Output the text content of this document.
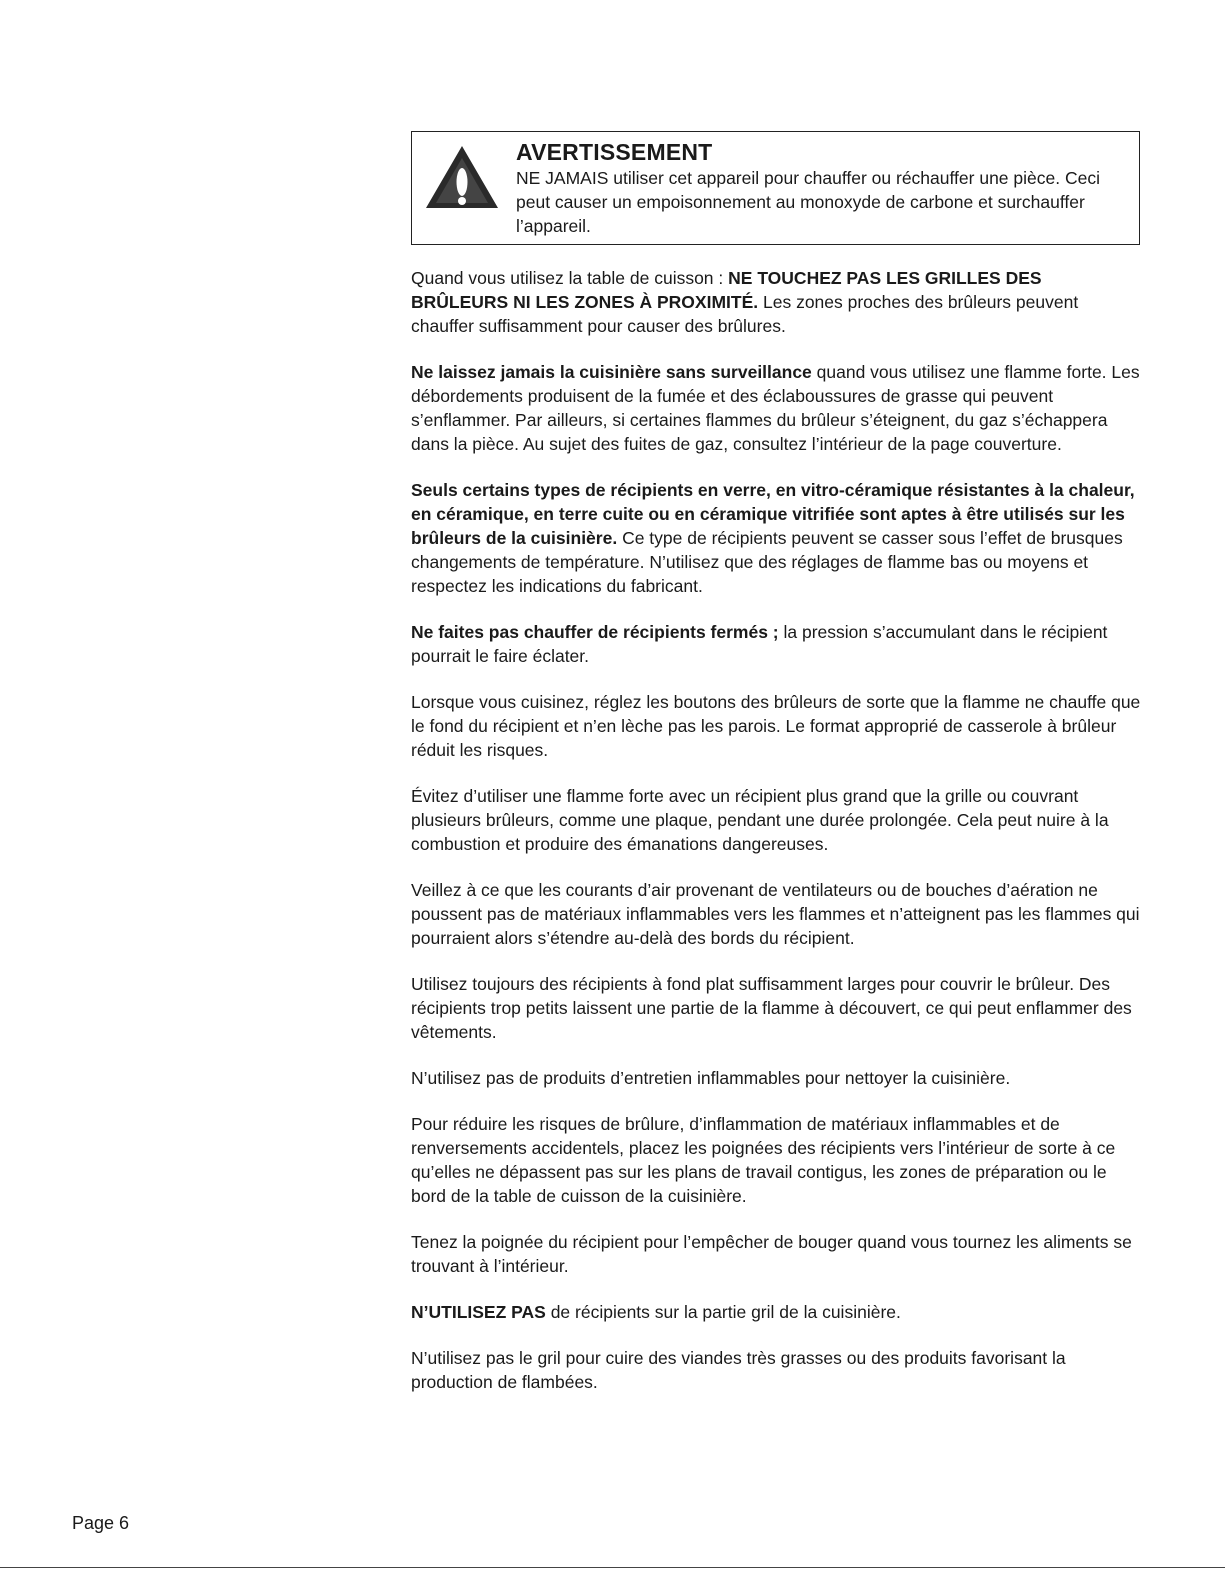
AVERTISSEMENT

NE JAMAIS utiliser cet appareil pour chauffer ou réchauffer une pièce. Ceci peut causer un empoisonnement au monoxyde de carbone et surchauffer l’appareil.

Quand vous utilisez la table de cuisson : NE TOUCHEZ PAS LES GRILLES DES BRÛLEURS NI LES ZONES À PROXIMITÉ. Les zones proches des brûleurs peuvent chauffer suffisamment pour causer des brûlures.

Ne laissez jamais la cuisinière sans surveillance quand vous utilisez une flamme forte. Les débordements produisent de la fumée et des éclaboussures de grasse qui peuvent s’enflammer. Par ailleurs, si certaines flammes du brûleur s’éteignent, du gaz s’échappera dans la pièce. Au sujet des fuites de gaz, consultez l’intérieur de la page couverture.

Seuls certains types de récipients en verre, en vitro-céramique résistantes à la chaleur, en céramique, en terre cuite ou en céramique vitrifiée sont aptes à être utilisés sur les brûleurs de la cuisinière. Ce type de récipients peuvent se casser sous l’effet de brusques changements de température. N’utilisez que des réglages de flamme bas ou moyens et respectez les indications du fabricant.

Ne faites pas chauffer de récipients fermés ; la pression s’accumulant dans le récipient pourrait le faire éclater.

Lorsque vous cuisinez, réglez les boutons des brûleurs de sorte que la flamme ne chauffe que le fond du récipient et n’en lèche pas les parois. Le format approprié de casserole à brûleur réduit les risques.

Évitez d’utiliser une flamme forte avec un récipient plus grand que la grille ou couvrant plusieurs brûleurs, comme une plaque, pendant une durée prolongée. Cela peut nuire à la combustion et produire des émanations dangereuses.

Veillez à ce que les courants d’air provenant de ventilateurs ou de bouches d’aération ne poussent pas de matériaux inflammables vers les flammes et n’atteignent pas les flammes qui pourraient alors s’étendre au-delà des bords du récipient.

Utilisez toujours des récipients à fond plat suffisamment larges pour couvrir le brûleur. Des récipients trop petits laissent une partie de la flamme à découvert, ce qui peut enflammer des vêtements.

N’utilisez pas de produits d’entretien inflammables pour nettoyer la cuisinière.

Pour réduire les risques de brûlure, d’inflammation de matériaux inflammables et de renversements accidentels, placez les poignées des récipients vers l’intérieur de sorte à ce qu’elles ne dépassent pas sur les plans de travail contigus, les zones de préparation ou le bord de la table de cuisson de la cuisinière.

Tenez la poignée du récipient pour l’empêcher de bouger quand vous tournez les aliments se trouvant à l’intérieur.

N’UTILISEZ PAS de récipients sur la partie gril de la cuisinière.

N’utilisez pas le gril pour cuire des viandes très grasses ou des produits favorisant la production de flambées.

Page 6
